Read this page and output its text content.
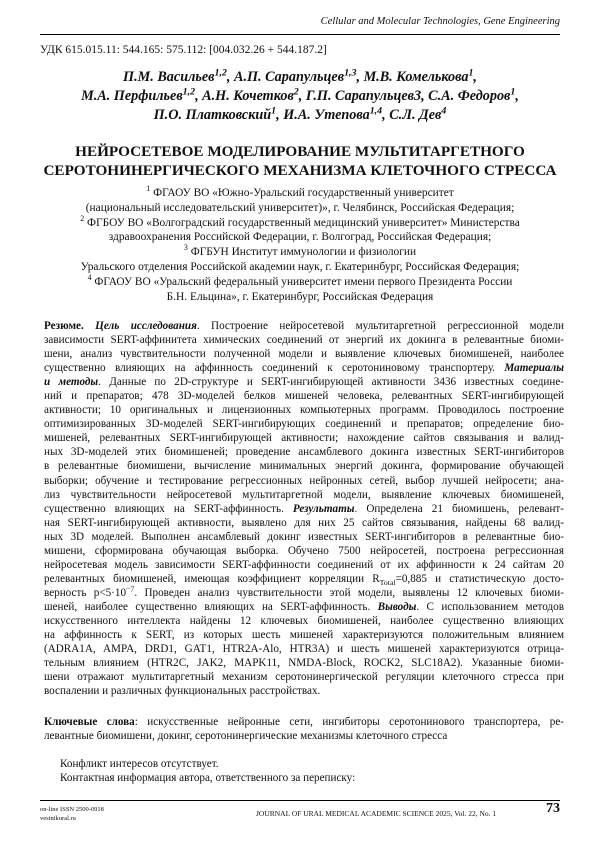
Cellular and Molecular Technologies, Gene Engineering
УДК 615.015.11: 544.165: 575.112: [004.032.26 + 544.187.2]
П.М. Васильев1,2, А.П. Сарапульцев1,3, М.В. Комелькова1,
М.А. Перфильев1,2, А.Н. Кочетков2, Г.П. Сарапульцев3, С.А. Федоров1,
П.О. Платковский1, И.А. Утепова1,4, С.Л. Дев4
НЕЙРОСЕТЕВОЕ МОДЕЛИРОВАНИЕ МУЛЬТИТАРГЕТНОГО
СЕРОТОНИНЕРГИЧЕСКОГО МЕХАНИЗМА КЛЕТОЧНОГО СТРЕССА
1 ФГАОУ ВО «Южно-Уральский государственный университет
(национальный исследовательский университет)», г. Челябинск, Российская Федерация;
2 ФГБОУ ВО «Волгоградский государственный медицинский университет» Министерства
здравоохранения Российской Федерации, г. Волгоград, Российская Федерация;
3 ФГБУН Институт иммунологии и физиологии
Уральского отделения Российской академии наук, г. Екатеринбург, Российская Федерация;
4 ФГАОУ ВО «Уральский федеральный университет имени первого Президента России
Б.Н. Ельцина», г. Екатеринбург, Российская Федерация
Резюме. Цель исследования. Построение нейросетевой мультитаргетной регрессионной модели
зависимости SERT-аффинитета химических соединений от энергий их докинга в релевантные биоми-
шени, анализ чувствительности полученной модели и выявление ключевых биомишеней, наиболее
существенно влияющих на аффинность соединений к серотониновому транспортеру. Материалы
и методы. Данные по 2D-структуре и SERT-ингибирующей активности 3436 известных соедине-
ний и препаратов; 478 3D-моделей белков мишеней человека, релевантных SERT-ингибирующей
активности; 10 оригинальных и лицензионных компьютерных программ. Проводилось построение
оптимизированных 3D-моделей SERT-ингибирующих соединений и препаратов; определение био-
мишеней, релевантных SERT-ингибирующей активности; нахождение сайтов связывания и валид-
ных 3D-моделей этих биомишеней; проведение ансамблевого докинга известных SERT-ингибиторов
в релевантные биомишени, вычисление минимальных энергий докинга, формирование обучающей
выборки; обучение и тестирование регрессионных нейронных сетей, выбор лучшей нейросети; ана-
лиз чувствительности нейросетевой мультитаргетной модели, выявление ключевых биомишеней,
существенно влияющих на SERT-аффинность. Результаты. Определена 21 биомишень, релевант-
ная SERT-ингибирующей активности, выявлено для них 25 сайтов связывания, найдены 68 валид-
ных 3D моделей. Выполнен ансамблевый докинг известных SERT-ингибиторов в релевантные био-
мишени, сформирована обучающая выборка. Обучено 7500 нейросетей, построена регрессионная
нейросетевая модель зависимости SERT-аффинности соединений от их аффинности к 24 сайтам 20
релевантных биомишеней, имеющая коэффициент корреляции RTotal=0,885 и статистическую досто-
верность p<5·10−7. Проведен анализ чувствительности этой модели, выявлены 12 ключевых биоми-
шеней, наиболее существенно влияющих на SERT-аффинность. Выводы. С использованием методов
искусственного интеллекта найдены 12 ключевых биомишеней, наиболее существенно влияющих
на аффинность к SERT, из которых шесть мишеней характеризуются положительным влиянием
(ADRA1A, AMPA, DRD1, GAT1, HTR2A-Alo, HTR3A) и шесть мишеней характеризуются отрица-
тельным влиянием (HTR2C, JAK2, MAPK11, NMDA-Block, ROCK2, SLC18A2). Указанные биоми-
шени отражают мультитаргетный механизм серотонинергической регуляции клеточного стресса при
воспалении и различных функциональных расстройствах.
Ключевые слова: искусственные нейронные сети, ингибиторы серотонинового транспортера, ре-
левантные биомишени, докинг, серотонинергические механизмы клеточного стресса
Конфликт интересов отсутствует.
Контактная информация автора, ответственного за переписку:
on-line ISSN 2500-0918
vestnikural.ru	JOURNAL OF URAL MEDICAL ACADEMIC SCIENCE 2025, Vol. 22, No. 1	73
